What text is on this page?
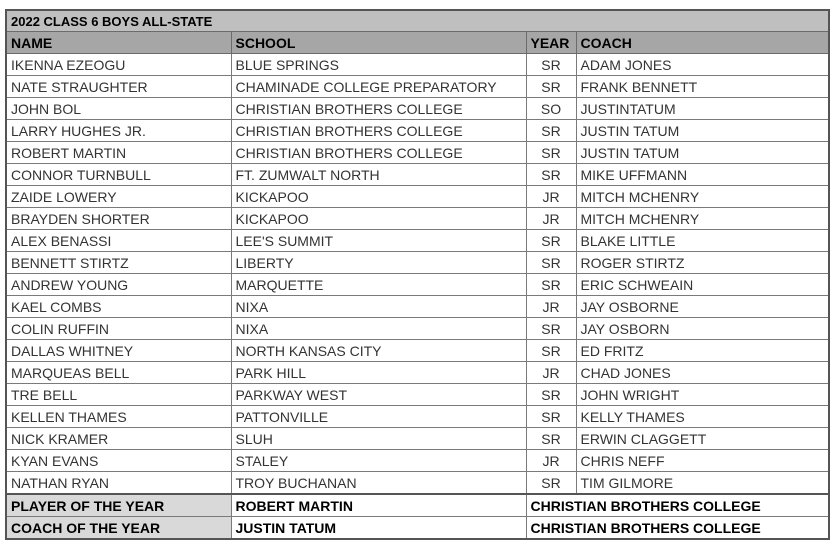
2022 CLASS 6 BOYS ALL-STATE			
NAME	SCHOOL	YEAR	COACH
IKENNA EZEOGU	BLUE SPRINGS	SR	ADAM JONES
NATE STRAUGHTER	CHAMINADE COLLEGE PREPARATORY	SR	FRANK BENNETT
JOHN BOL	CHRISTIAN BROTHERS COLLEGE	SO	JUSTINTATUM
LARRY HUGHES JR.	CHRISTIAN BROTHERS COLLEGE	SR	JUSTIN TATUM
ROBERT MARTIN	CHRISTIAN BROTHERS COLLEGE	SR	JUSTIN TATUM
CONNOR TURNBULL	FT. ZUMWALT NORTH	SR	MIKE UFFMANN
ZAIDE LOWERY	KICKAPOO	JR	MITCH MCHENRY
BRAYDEN SHORTER	KICKAPOO	JR	MITCH MCHENRY
ALEX BENASSI	LEE'S SUMMIT	SR	BLAKE LITTLE
BENNETT STIRTZ	LIBERTY	SR	ROGER STIRTZ
ANDREW YOUNG	MARQUETTE	SR	ERIC SCHWEAIN
KAEL COMBS	NIXA	JR	JAY OSBORNE
COLIN RUFFIN	NIXA	SR	JAY OSBORN
DALLAS WHITNEY	NORTH KANSAS CITY	SR	ED FRITZ
MARQUEAS BELL	PARK HILL	JR	CHAD JONES
TRE BELL	PARKWAY WEST	SR	JOHN WRIGHT
KELLEN THAMES	PATTONVILLE	SR	KELLY THAMES
NICK KRAMER	SLUH	SR	ERWIN CLAGGETT
KYAN EVANS	STALEY	JR	CHRIS NEFF
NATHAN RYAN	TROY BUCHANAN	SR	TIM GILMORE
PLAYER OF THE YEAR	ROBERT MARTIN	CHRISTIAN BROTHERS COLLEGE	
COACH OF THE YEAR	JUSTIN TATUM	CHRISTIAN BROTHERS COLLEGE	
